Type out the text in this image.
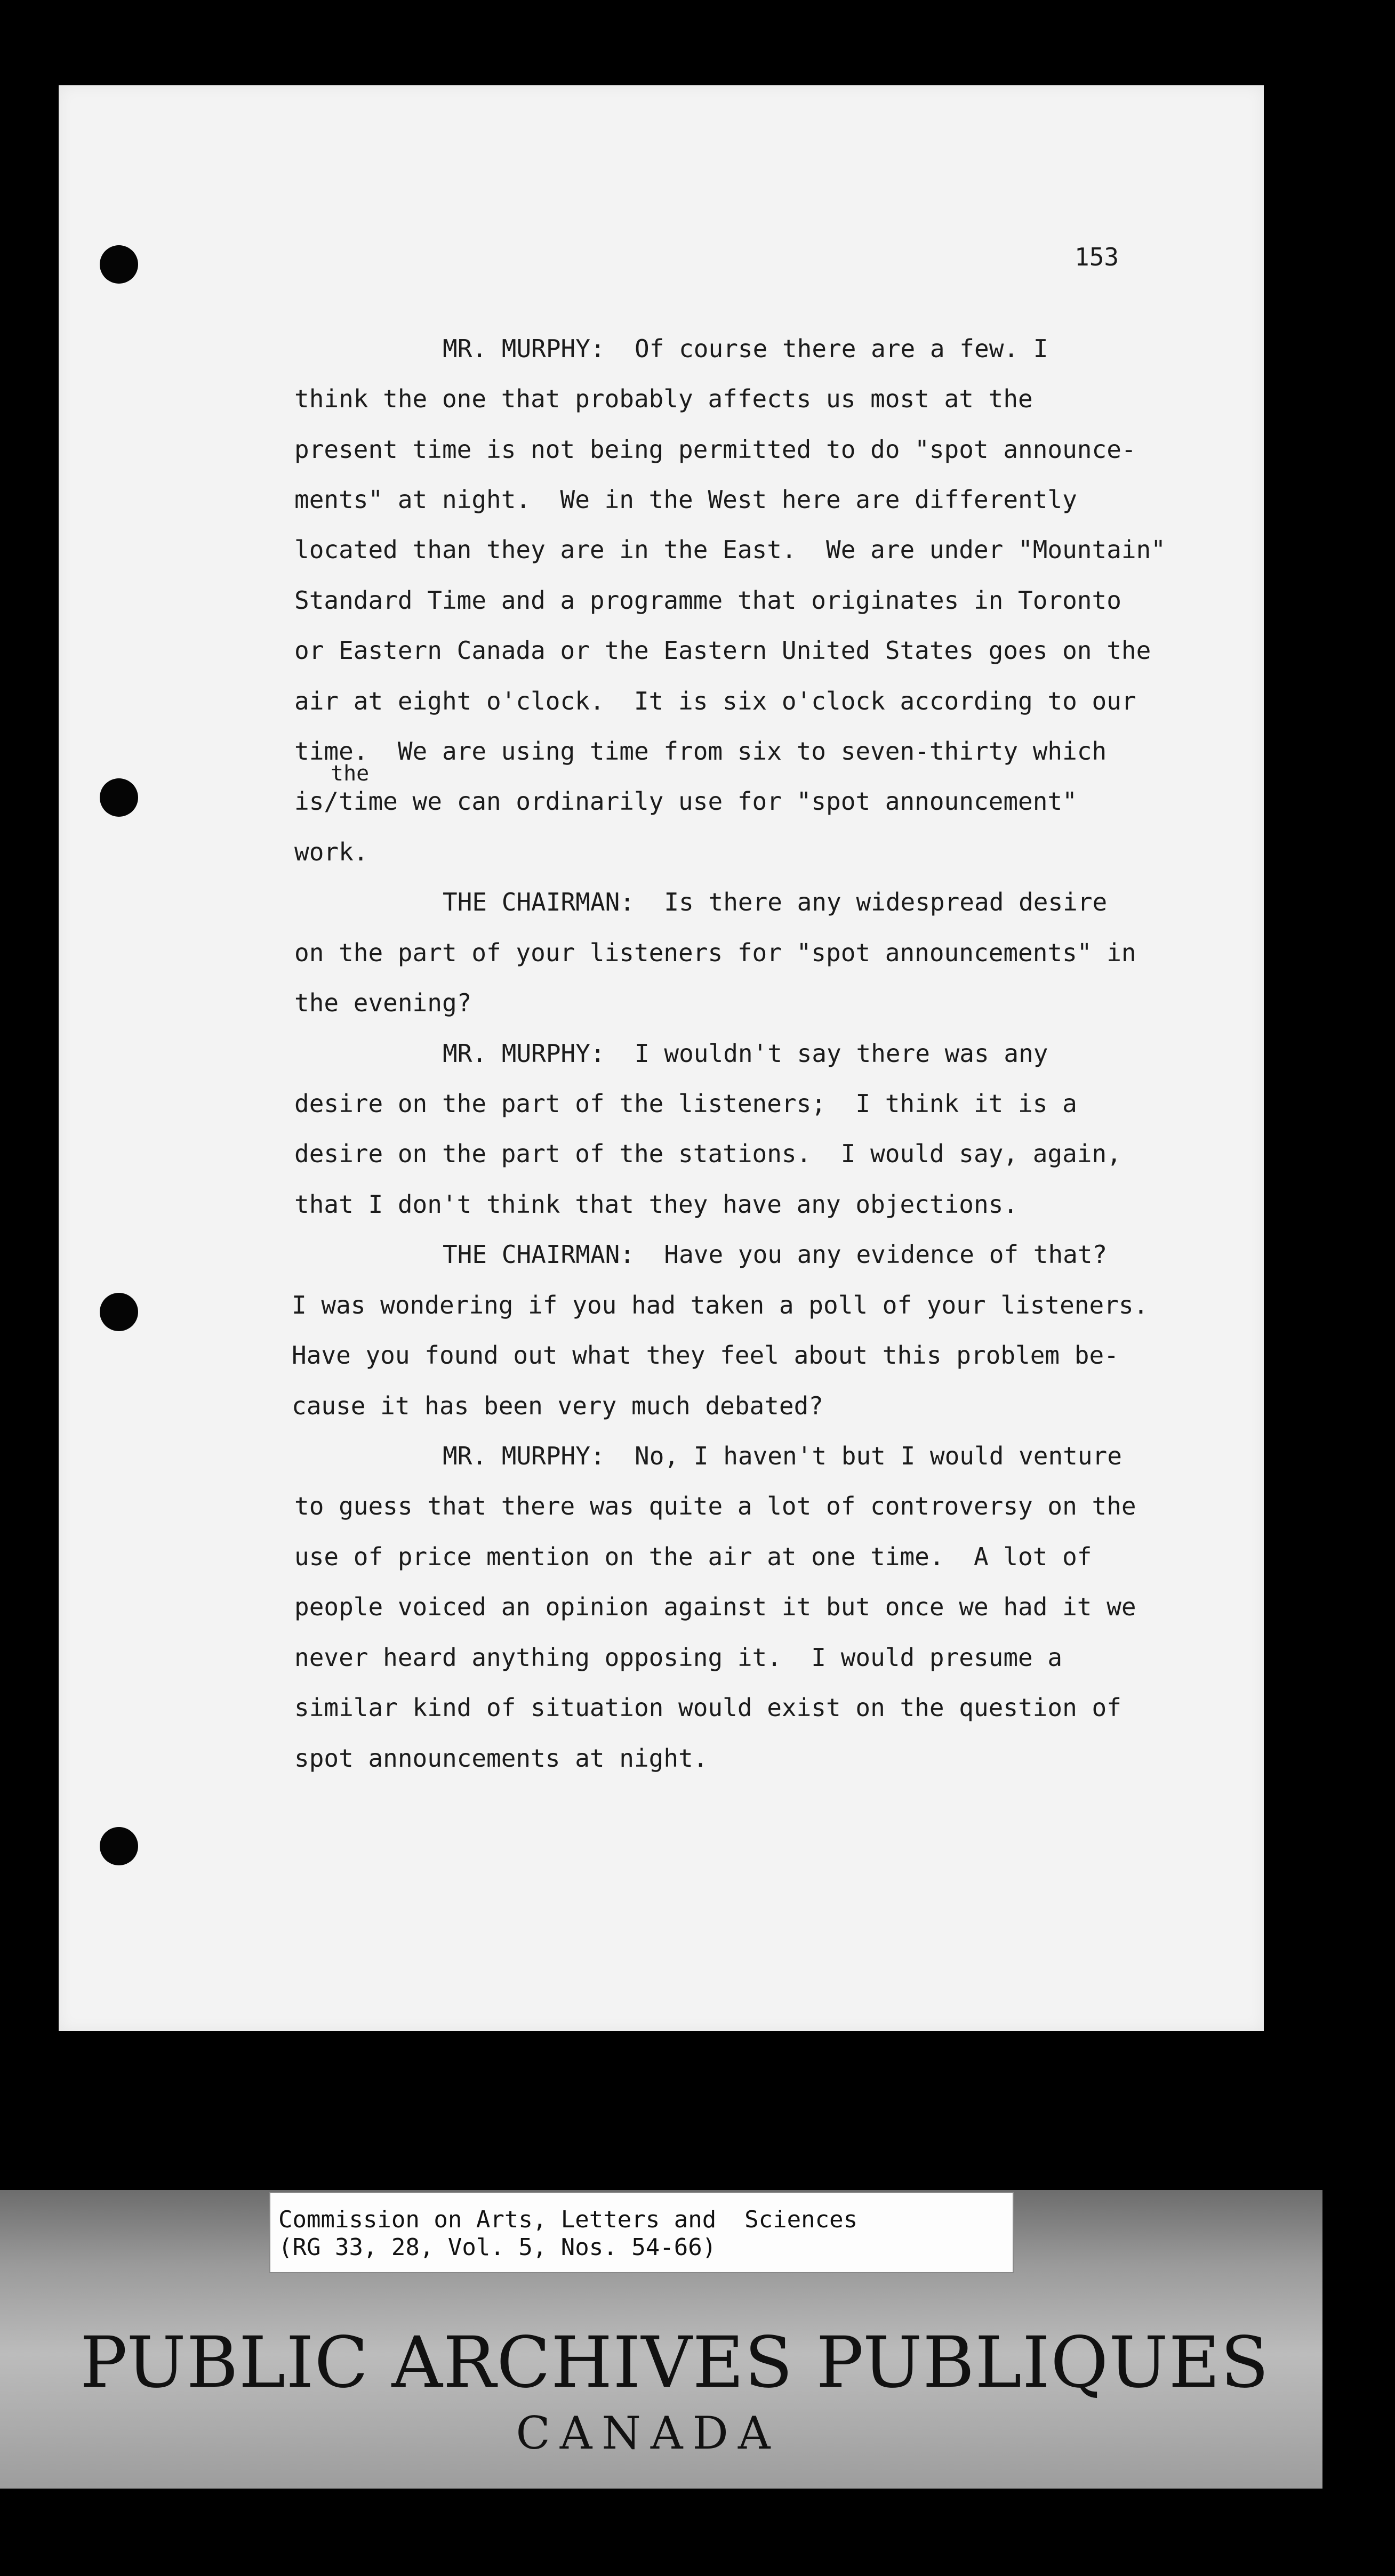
153
MR. MURPHY:  Of course there are a few. I
think the one that probably affects us most at the
present time is not being permitted to do "spot announce-
ments" at night.  We in the West here are differently
located than they are in the East.  We are under "Mountain"
Standard Time and a programme that originates in Toronto
or Eastern Canada or the Eastern United States goes on the
air at eight o'clock.  It is six o'clock according to our
time.  We are using time from six to seven-thirty which
the
is/time we can ordinarily use for "spot announcement"
work.
THE CHAIRMAN:  Is there any widespread desire
on the part of your listeners for "spot announcements" in
the evening?
MR. MURPHY:  I wouldn't say there was any
desire on the part of the listeners;  I think it is a
desire on the part of the stations.  I would say, again,
that I don't think that they have any objections.
THE CHAIRMAN:  Have you any evidence of that?
I was wondering if you had taken a poll of your listeners.
Have you found out what they feel about this problem be-
cause it has been very much debated?
MR. MURPHY:  No, I haven't but I would venture
to guess that there was quite a lot of controversy on the
use of price mention on the air at one time.  A lot of
people voiced an opinion against it but once we had it we
never heard anything opposing it.  I would presume a
similar kind of situation would exist on the question of
spot announcements at night.
Commission on Arts, Letters and  Sciences
(RG 33, 28, Vol. 5, Nos. 54-66)
PUBLIC ARCHIVES PUBLIQUES
CANADA
